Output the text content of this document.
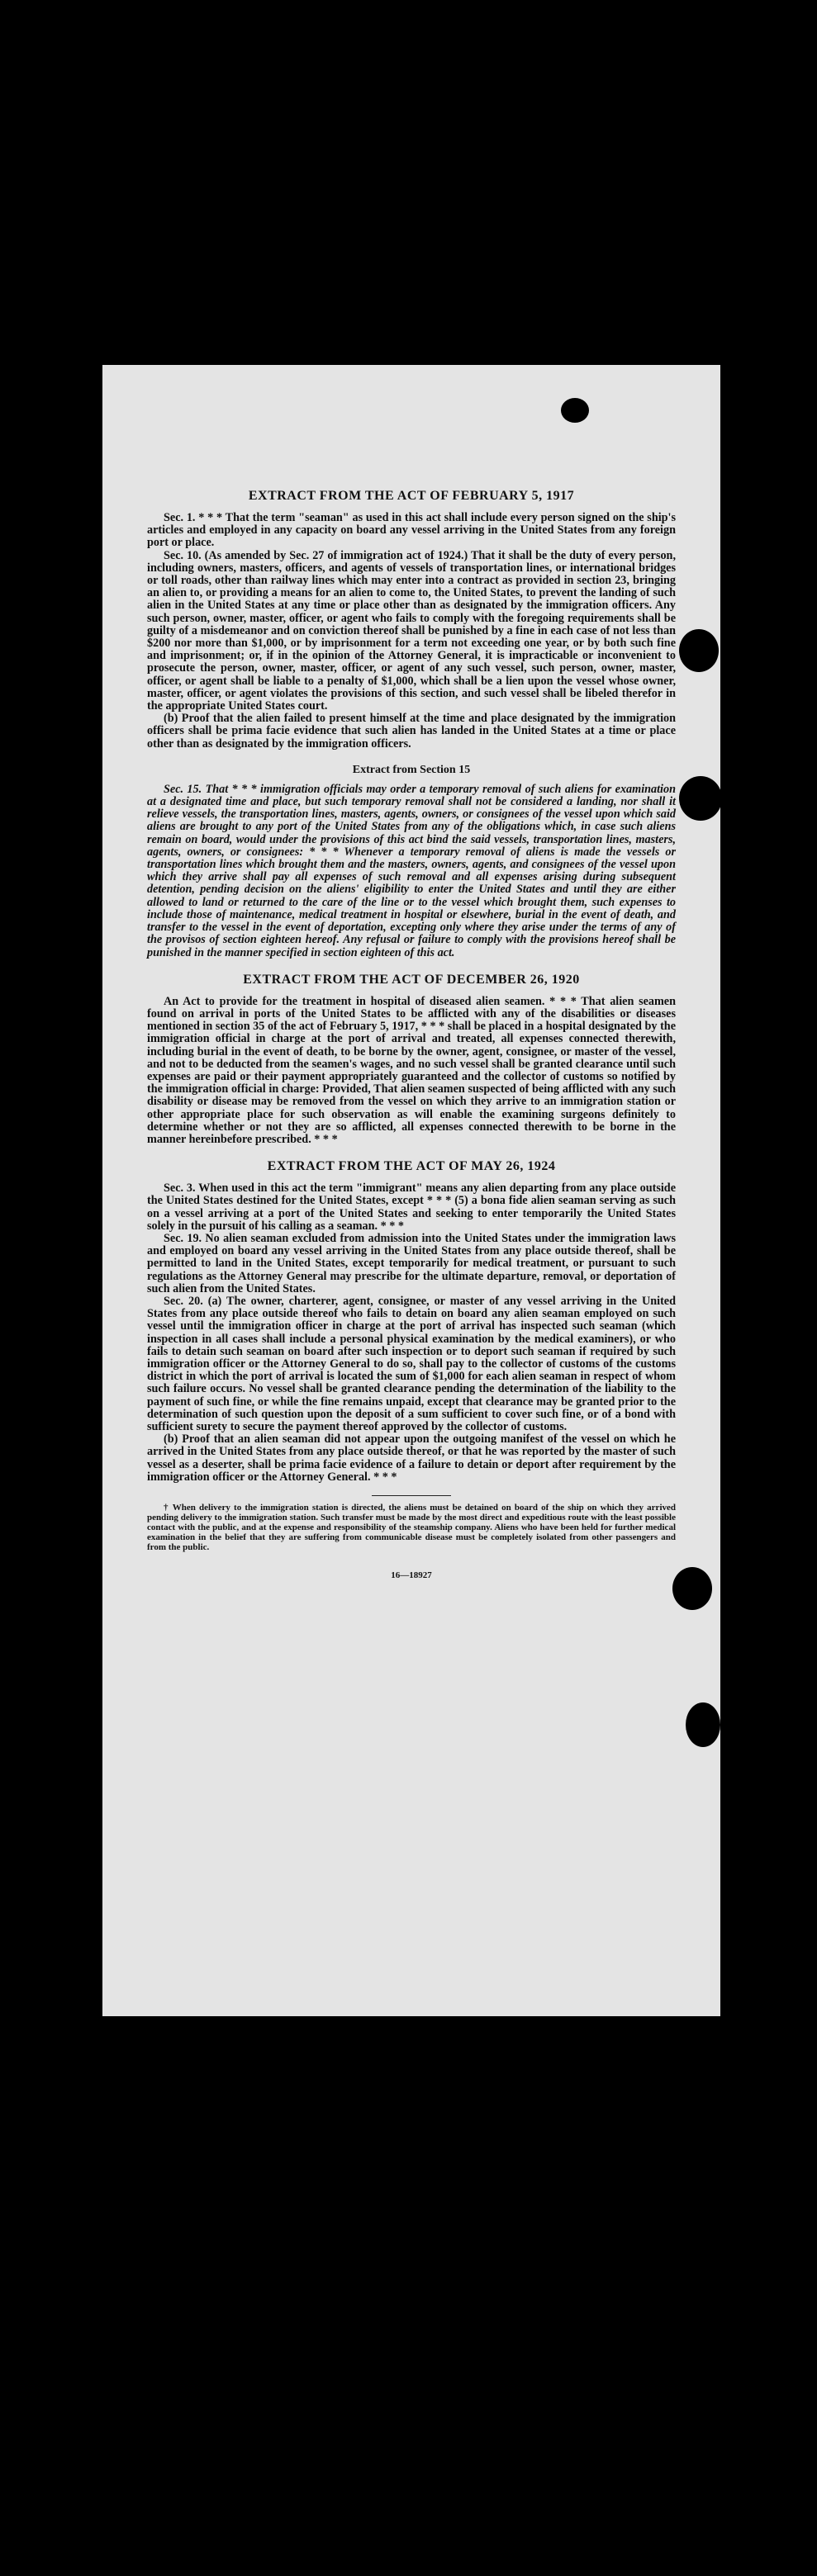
EXTRACT FROM THE ACT OF FEBRUARY 5, 1917

Sec. 1. * * * That the term "seaman" as used in this act shall include every person signed on the ship's articles and employed in any capacity on board any vessel arriving in the United States from any foreign port or place.

Sec. 10. (As amended by Sec. 27 of immigration act of 1924.) That it shall be the duty of every person, including owners, masters, officers, and agents of vessels of transportation lines, or international bridges or toll roads, other than railway lines which may enter into a contract as provided in section 23, bringing an alien to, or providing a means for an alien to come to, the United States, to prevent the landing of such alien in the United States at any time or place other than as designated by the immigration officers. Any such person, owner, master, officer, or agent who fails to comply with the foregoing requirements shall be guilty of a misdemeanor and on conviction thereof shall be punished by a fine in each case of not less than $200 nor more than $1,000, or by imprisonment for a term not exceeding one year, or by both such fine and imprisonment; or, if in the opinion of the Attorney General, it is impracticable or inconvenient to prosecute the person, owner, master, officer, or agent of any such vessel, such person, owner, master, officer, or agent shall be liable to a penalty of $1,000, which shall be a lien upon the vessel whose owner, master, officer, or agent violates the provisions of this section, and such vessel shall be libeled therefor in the appropriate United States court.

(b) Proof that the alien failed to present himself at the time and place designated by the immigration officers shall be prima facie evidence that such alien has landed in the United States at a time or place other than as designated by the immigration officers.

Extract from Section 15

Sec. 15. That * * * immigration officials may order a temporary removal of such aliens for examination at a designated time and place, but such temporary removal shall not be considered a landing, nor shall it relieve vessels, the transportation lines, masters, agents, owners, or consignees of the vessel upon which said aliens are brought to any port of the United States from any of the obligations which, in case such aliens remain on board, would under the provisions of this act bind the said vessels, transportation lines, masters, agents, owners, or consignees: * * * Whenever a temporary removal of aliens is made the vessels or transportation lines which brought them and the masters, owners, agents, and consignees of the vessel upon which they arrive shall pay all expenses of such removal and all expenses arising during subsequent detention, pending decision on the aliens' eligibility to enter the United States and until they are either allowed to land or returned to the care of the line or to the vessel which brought them, such expenses to include those of maintenance, medical treatment in hospital or elsewhere, burial in the event of death, and transfer to the vessel in the event of deportation, excepting only where they arise under the terms of any of the provisos of section eighteen hereof. Any refusal or failure to comply with the provisions hereof shall be punished in the manner specified in section eighteen of this act.

EXTRACT FROM THE ACT OF DECEMBER 26, 1920

An Act to provide for the treatment in hospital of diseased alien seamen. * * * That alien seamen found on arrival in ports of the United States to be afflicted with any of the disabilities or diseases mentioned in section 35 of the act of February 5, 1917, * * * shall be placed in a hospital designated by the immigration official in charge at the port of arrival and treated, all expenses connected therewith, including burial in the event of death, to be borne by the owner, agent, consignee, or master of the vessel, and not to be deducted from the seamen's wages, and no such vessel shall be granted clearance until such expenses are paid or their payment appropriately guaranteed and the collector of customs so notified by the immigration official in charge: Provided, That alien seamen suspected of being afflicted with any such disability or disease may be removed from the vessel on which they arrive to an immigration station or other appropriate place for such observation as will enable the examining surgeons definitely to determine whether or not they are so afflicted, all expenses connected therewith to be borne in the manner hereinbefore prescribed. * * *

EXTRACT FROM THE ACT OF MAY 26, 1924

Sec. 3. When used in this act the term "immigrant" means any alien departing from any place outside the United States destined for the United States, except * * * (5) a bona fide alien seaman serving as such on a vessel arriving at a port of the United States and seeking to enter temporarily the United States solely in the pursuit of his calling as a seaman. * * *

Sec. 19. No alien seaman excluded from admission into the United States under the immigration laws and employed on board any vessel arriving in the United States from any place outside thereof, shall be permitted to land in the United States, except temporarily for medical treatment, or pursuant to such regulations as the Attorney General may prescribe for the ultimate departure, removal, or deportation of such alien from the United States.

Sec. 20. (a) The owner, charterer, agent, consignee, or master of any vessel arriving in the United States from any place outside thereof who fails to detain on board any alien seaman employed on such vessel until the immigration officer in charge at the port of arrival has inspected such seaman (which inspection in all cases shall include a personal physical examination by the medical examiners), or who fails to detain such seaman on board after such inspection or to deport such seaman if required by such immigration officer or the Attorney General to do so, shall pay to the collector of customs of the customs district in which the port of arrival is located the sum of $1,000 for each alien seaman in respect of whom such failure occurs. No vessel shall be granted clearance pending the determination of the liability to the payment of such fine, or while the fine remains unpaid, except that clearance may be granted prior to the determination of such question upon the deposit of a sum sufficient to cover such fine, or of a bond with sufficient surety to secure the payment thereof approved by the collector of customs.

(b) Proof that an alien seaman did not appear upon the outgoing manifest of the vessel on which he arrived in the United States from any place outside thereof, or that he was reported by the master of such vessel as a deserter, shall be prima facie evidence of a failure to detain or deport after requirement by the immigration officer or the Attorney General. * * *

† When delivery to the immigration station is directed, the aliens must be detained on board of the ship on which they arrived pending delivery to the immigration station. Such transfer must be made by the most direct and expeditious route with the least possible contact with the public, and at the expense and responsibility of the steamship company. Aliens who have been held for further medical examination in the belief that they are suffering from communicable disease must be completely isolated from other passengers and from the public.

16—18927
